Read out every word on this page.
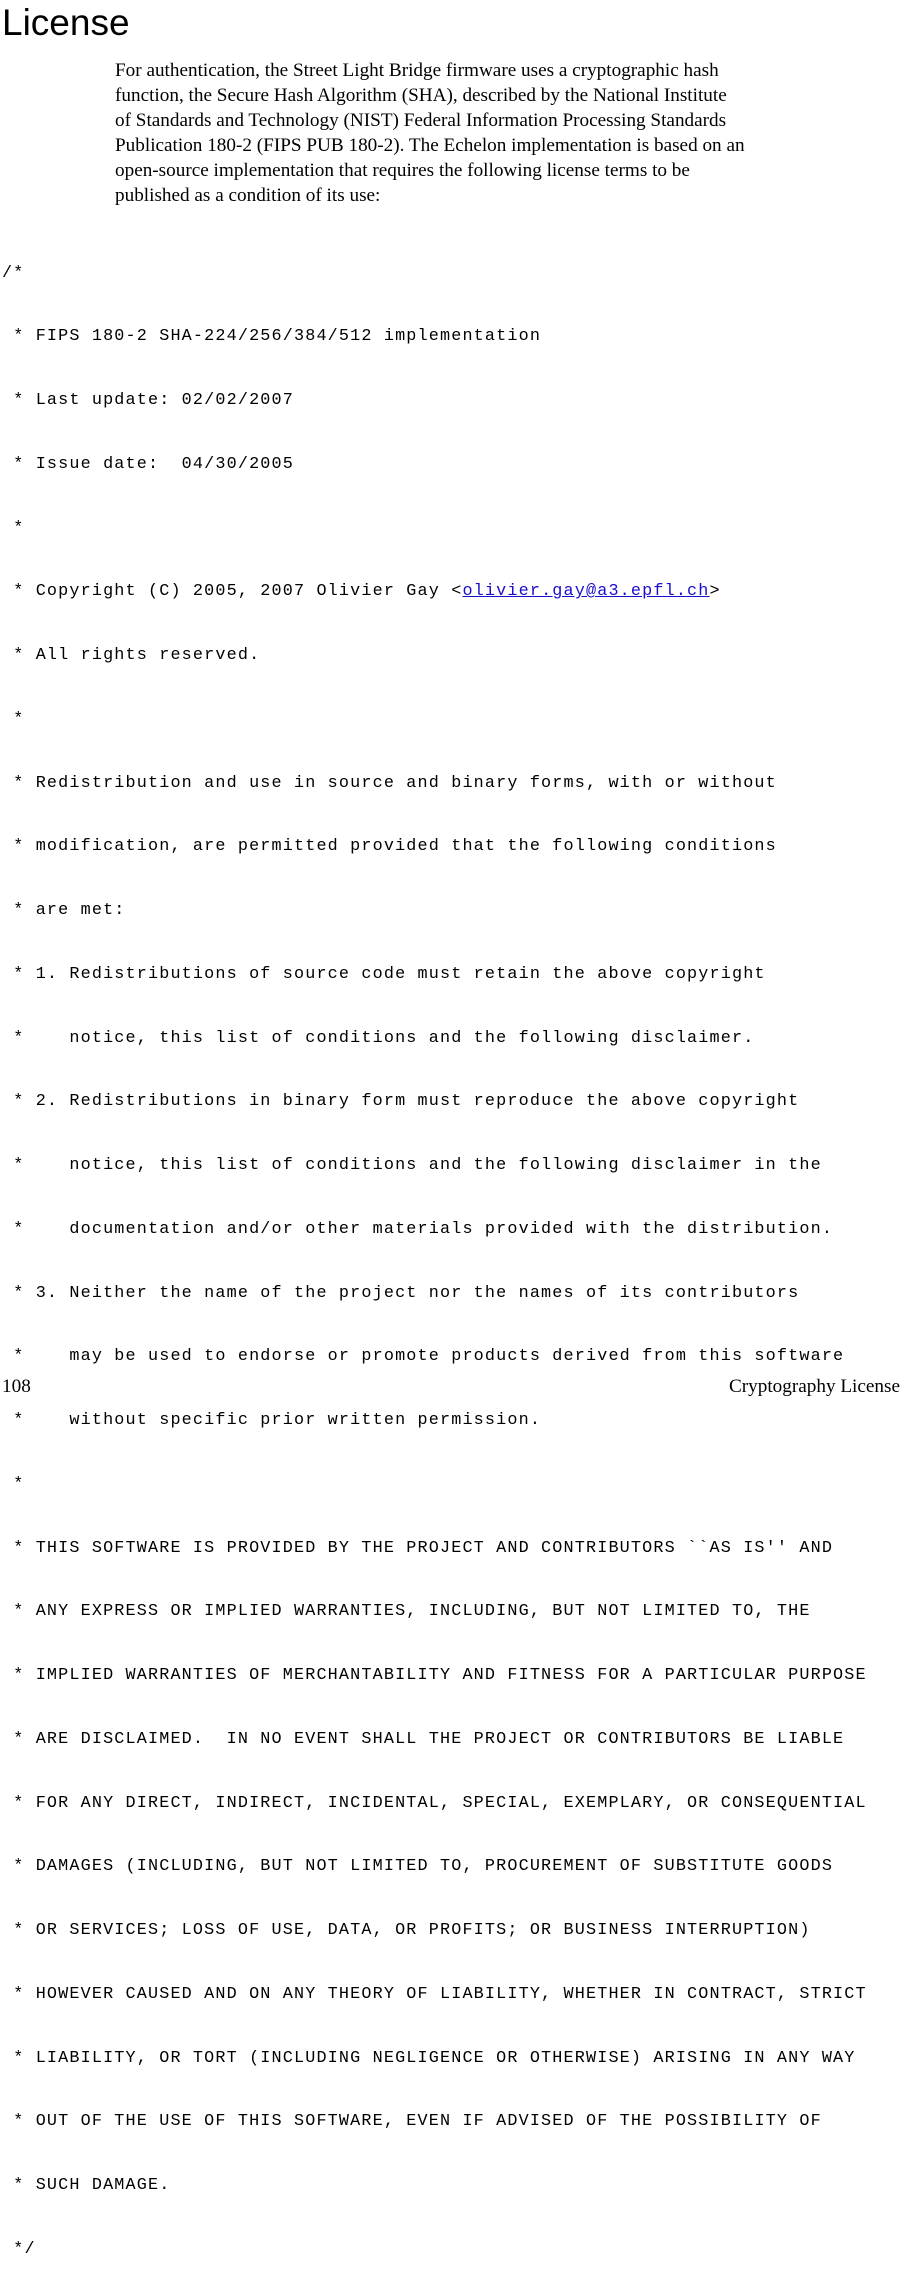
License

For authentication, the Street Light Bridge firmware uses a cryptographic hash
function, the Secure Hash Algorithm (SHA), described by the National Institute
of Standards and Technology (NIST) Federal Information Processing Standards
Publication 180-2 (FIPS PUB 180-2). The Echelon implementation is based on an
open-source implementation that requires the following license terms to be
published as a condition of its use:

/*

* FIPS 180-2 SHA-224/256/384/512 implementation

* Last update: 02/02/2007

* Issue date:  04/30/2005

*

* Copyright (C) 2005, 2007 Olivier Gay <olivier.gay@a3.epfl.ch>

* All rights reserved.

*

* Redistribution and use in source and binary forms, with or without

* modification, are permitted provided that the following conditions

* are met:

* 1. Redistributions of source code must retain the above copyright

*    notice, this list of conditions and the following disclaimer.

* 2. Redistributions in binary form must reproduce the above copyright

*    notice, this list of conditions and the following disclaimer in the

*    documentation and/or other materials provided with the distribution.

* 3. Neither the name of the project nor the names of its contributors

*    may be used to endorse or promote products derived from this software

*    without specific prior written permission.

*

* THIS SOFTWARE IS PROVIDED BY THE PROJECT AND CONTRIBUTORS ``AS IS'' AND

* ANY EXPRESS OR IMPLIED WARRANTIES, INCLUDING, BUT NOT LIMITED TO, THE

* IMPLIED WARRANTIES OF MERCHANTABILITY AND FITNESS FOR A PARTICULAR PURPOSE

* ARE DISCLAIMED.  IN NO EVENT SHALL THE PROJECT OR CONTRIBUTORS BE LIABLE

* FOR ANY DIRECT, INDIRECT, INCIDENTAL, SPECIAL, EXEMPLARY, OR CONSEQUENTIAL

* DAMAGES (INCLUDING, BUT NOT LIMITED TO, PROCUREMENT OF SUBSTITUTE GOODS

* OR SERVICES; LOSS OF USE, DATA, OR PROFITS; OR BUSINESS INTERRUPTION)

* HOWEVER CAUSED AND ON ANY THEORY OF LIABILITY, WHETHER IN CONTRACT, STRICT

* LIABILITY, OR TORT (INCLUDING NEGLIGENCE OR OTHERWISE) ARISING IN ANY WAY

* OUT OF THE USE OF THIS SOFTWARE, EVEN IF ADVISED OF THE POSSIBILITY OF

* SUCH DAMAGE.

*/

108	Cryptography License
